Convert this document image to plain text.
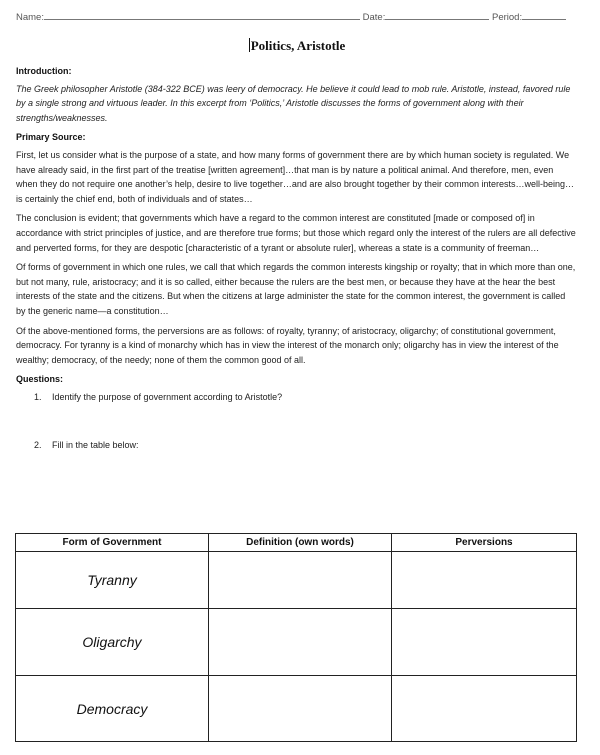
Name:	Date:	Period:
Politics, Aristotle
Introduction:

The Greek philosopher Aristotle (384-322 BCE) was leery of democracy. He believe it could lead to mob rule. Aristotle, instead, favored rule by a single strong and virtuous leader. In this excerpt from ‘Politics,’ Aristotle discusses the forms of government along with their strengths/weaknesses.

Primary Source:

First, let us consider what is the purpose of a state, and how many forms of government there are by which human society is regulated. We have already said, in the first part of the treatise [written agreement]…that man is by nature a political animal. And therefore, men, even when they do not require one another’s help, desire to live together…and are also brought together by their common interests…well-being…is certainly the chief end, both of individuals and of states…

The conclusion is evident; that governments which have a regard to the common interest are constituted [made or composed of] in accordance with strict principles of justice, and are therefore true forms; but those which regard only the interest of the rulers are all defective and perverted forms, for they are despotic [characteristic of a tyrant or absolute ruler], whereas a state is a community of freeman…

Of forms of government in which one rules, we call that which regards the common interests kingship or royalty; that in which more than one, but not many, rule, aristocracy; and it is so called, either because the rulers are the best men, or because they have at the hear the best interests of the state and the citizens. But when the citizens at large administer the state for the common interest, the government is called by the generic name—a constitution…

Of the above-mentioned forms, the perversions are as follows: of royalty, tyranny; of aristocracy, oligarchy; of constitutional government, democracy. For tyranny is a kind of monarchy which has in view the interest of the monarch only; oligarchy has in view the interest of the wealthy; democracy, of the needy; none of them the common good of all.

Questions:

1. Identify the purpose of government according to Aristotle?

2. Fill in the table below:

Form of Government	Definition (own words)	Perversions
Tyranny		
Oligarchy		
Democracy		
